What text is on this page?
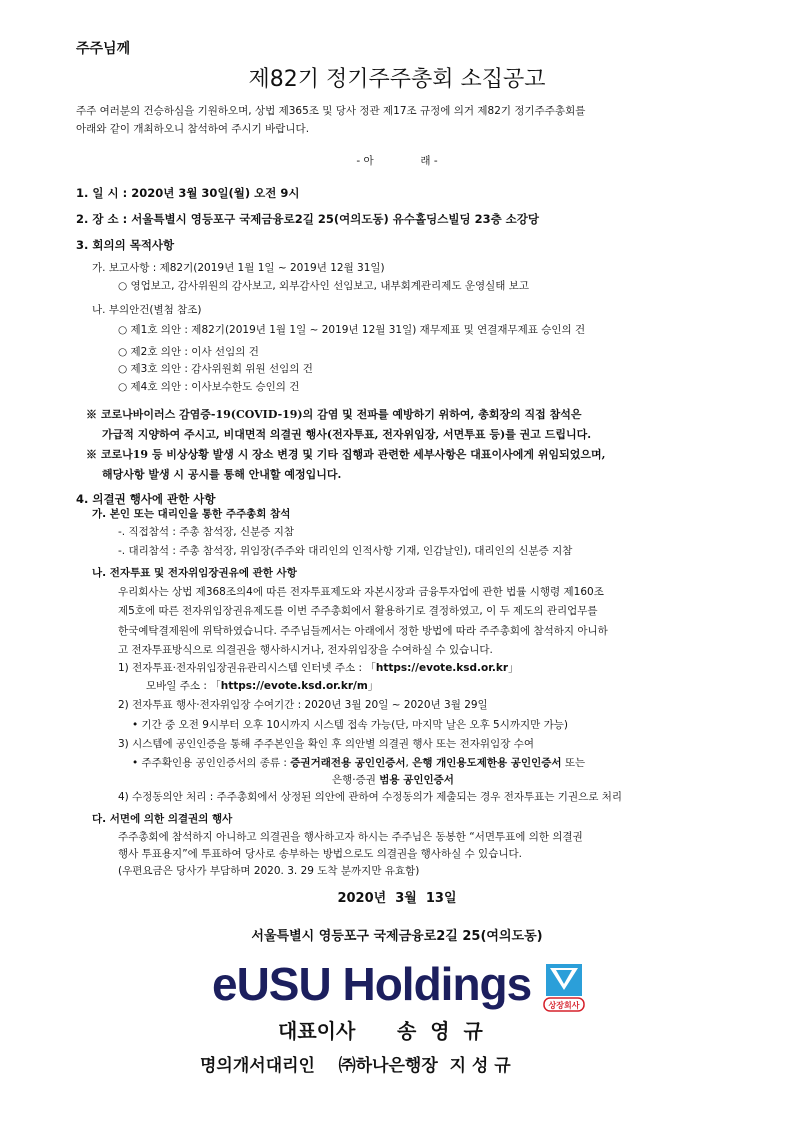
주주님께
제82기 정기주주총회 소집공고
주주 여러분의 건승하심을 기원하오며, 상법 제365조 및 당사 정관 제17조 규정에 의거 제82기 정기주주총회를
아래와 같이 개최하오니 참석하여 주시기 바랍니다.
- 아              래 -
1. 일 시 : 2020년 3월 30일(월) 오전 9시
2. 장 소 : 서울특별시 영등포구 국제금융로2길 25(여의도동) 유수홀딩스빌딩 23층 소강당
3. 회의의 목적사항
가. 보고사항 : 제82기(2019년 1월 1일 ~ 2019년 12월 31일)
○ 영업보고, 감사위원의 감사보고, 외부감사인 선임보고, 내부회계관리제도 운영실태 보고
나. 부의안건(별첨 참조)
○ 제1호 의안 : 제82기(2019년 1월 1일 ~ 2019년 12월 31일) 재무제표 및 연결재무제표 승인의 건
○ 제2호 의안 : 이사 선임의 건
○ 제3호 의안 : 감사위원회 위원 선임의 건
○ 제4호 의안 : 이사보수한도 승인의 건
※ 코로나바이러스 감염증-19(COVID-19)의 감염 및 전파를 예방하기 위하여, 총회장의 직접 참석은
가급적 지양하여 주시고, 비대면적 의결권 행사(전자투표, 전자위임장, 서면투표 등)를 권고 드립니다.
※ 코로나19 등 비상상황 발생 시 장소 변경 및 기타 집행과 관련한 세부사항은 대표이사에게 위임되었으며,
해당사항 발생 시 공시를 통해 안내할 예정입니다.
4. 의결권 행사에 관한 사항
가. 본인 또는 대리인을 통한 주주총회 참석
-. 직접참석 : 주총 참석장, 신분증 지참
-. 대리참석 : 주총 참석장, 위임장(주주와 대리인의 인적사항 기재, 인감날인), 대리인의 신분증 지참
나. 전자투표 및 전자위임장권유에 관한 사항
우리회사는 상법 제368조의4에 따른 전자투표제도와 자본시장과 금융투자업에 관한 법률 시행령 제160조
제5호에 따른 전자위임장권유제도를 이번 주주총회에서 활용하기로 결정하였고, 이 두 제도의 관리업무를
한국예탁결제원에 위탁하였습니다. 주주님들께서는 아래에서 정한 방법에 따라 주주총회에 참석하지 아니하
고 전자투표방식으로 의결권을 행사하시거나, 전자위임장을 수여하실 수 있습니다.
1) 전자투표·전자위임장권유관리시스템 인터넷 주소 : 「https://evote.ksd.or.kr」
모바일 주소 : 「https://evote.ksd.or.kr/m」
2) 전자투표 행사·전자위임장 수여기간 : 2020년 3월 20일 ~ 2020년 3월 29일
• 기간 중 오전 9시부터 오후 10시까지 시스템 접속 가능(단, 마지막 날은 오후 5시까지만 가능)
3) 시스템에 공인인증을 통해 주주본인을 확인 후 의안별 의결권 행사 또는 전자위임장 수여
• 주주확인용 공인인증서의 종류 : 증권거래전용 공인인증서, 은행 개인용도제한용 공인인증서 또는
은행·증권 범용 공인인증서
4) 수정동의안 처리 : 주주총회에서 상정된 의안에 관하여 수정동의가 제출되는 경우 전자투표는 기권으로 처리
다. 서면에 의한 의결권의 행사
주주총회에 참석하지 아니하고 의결권을 행사하고자 하시는 주주님은 동봉한 “서면투표에 의한 의결권
행사 투표용지”에 투표하여 당사로 송부하는 방법으로도 의결권을 행사하실 수 있습니다.
(우편요금은 당사가 부담하며 2020. 3. 29 도착 분까지만 유효함)
2020년  3월  13일
서울특별시 영등포구 국제금융로2길 25(여의도동)
eUSU Holdings 상장회사
대표이사      송  영  규
명의개서대리인    ㈜하나은행장  지 성 규
